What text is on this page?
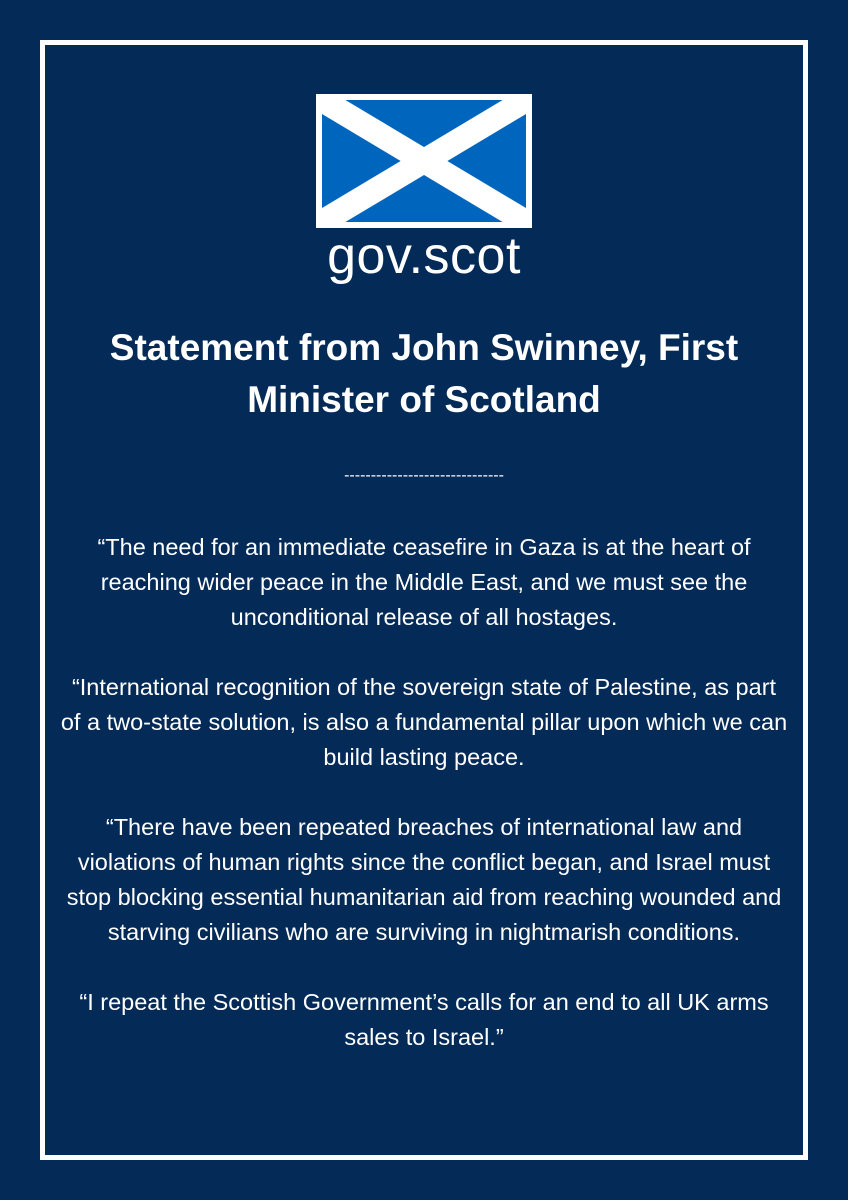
gov.scot
Statement from John Swinney, First Minister of Scotland
------------------------------

“The need for an immediate ceasefire in Gaza is at the heart of reaching wider peace in the Middle East, and we must see the unconditional release of all hostages.

“International recognition of the sovereign state of Palestine, as part of a two-state solution, is also a fundamental pillar upon which we can build lasting peace.

“There have been repeated breaches of international law and violations of human rights since the conflict began, and Israel must stop blocking essential humanitarian aid from reaching wounded and starving civilians who are surviving in nightmarish conditions.

“I repeat the Scottish Government’s calls for an end to all UK arms sales to Israel.”
